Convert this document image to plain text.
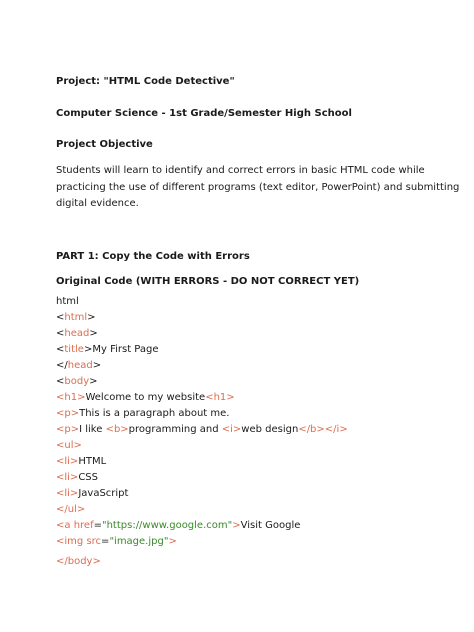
Project: "HTML Code Detective"
Computer Science - 1st Grade/Semester High School
Project Objective
Students will learn to identify and correct errors in basic HTML code while
practicing the use of different programs (text editor, PowerPoint) and submitting
digital evidence.
PART 1: Copy the Code with Errors
Original Code (WITH ERRORS - DO NOT CORRECT YET)
html
<html>
<head>
<title>My First Page
</head>
<body>
<h1>Welcome to my website<h1>
<p>This is a paragraph about me.
<p>I like <b>programming and <i>web design</b></i>
<ul>
<li>HTML
<li>CSS
<li>JavaScript
</ul>
<a href="https://www.google.com">Visit Google
<img src="image.jpg">
</body>
